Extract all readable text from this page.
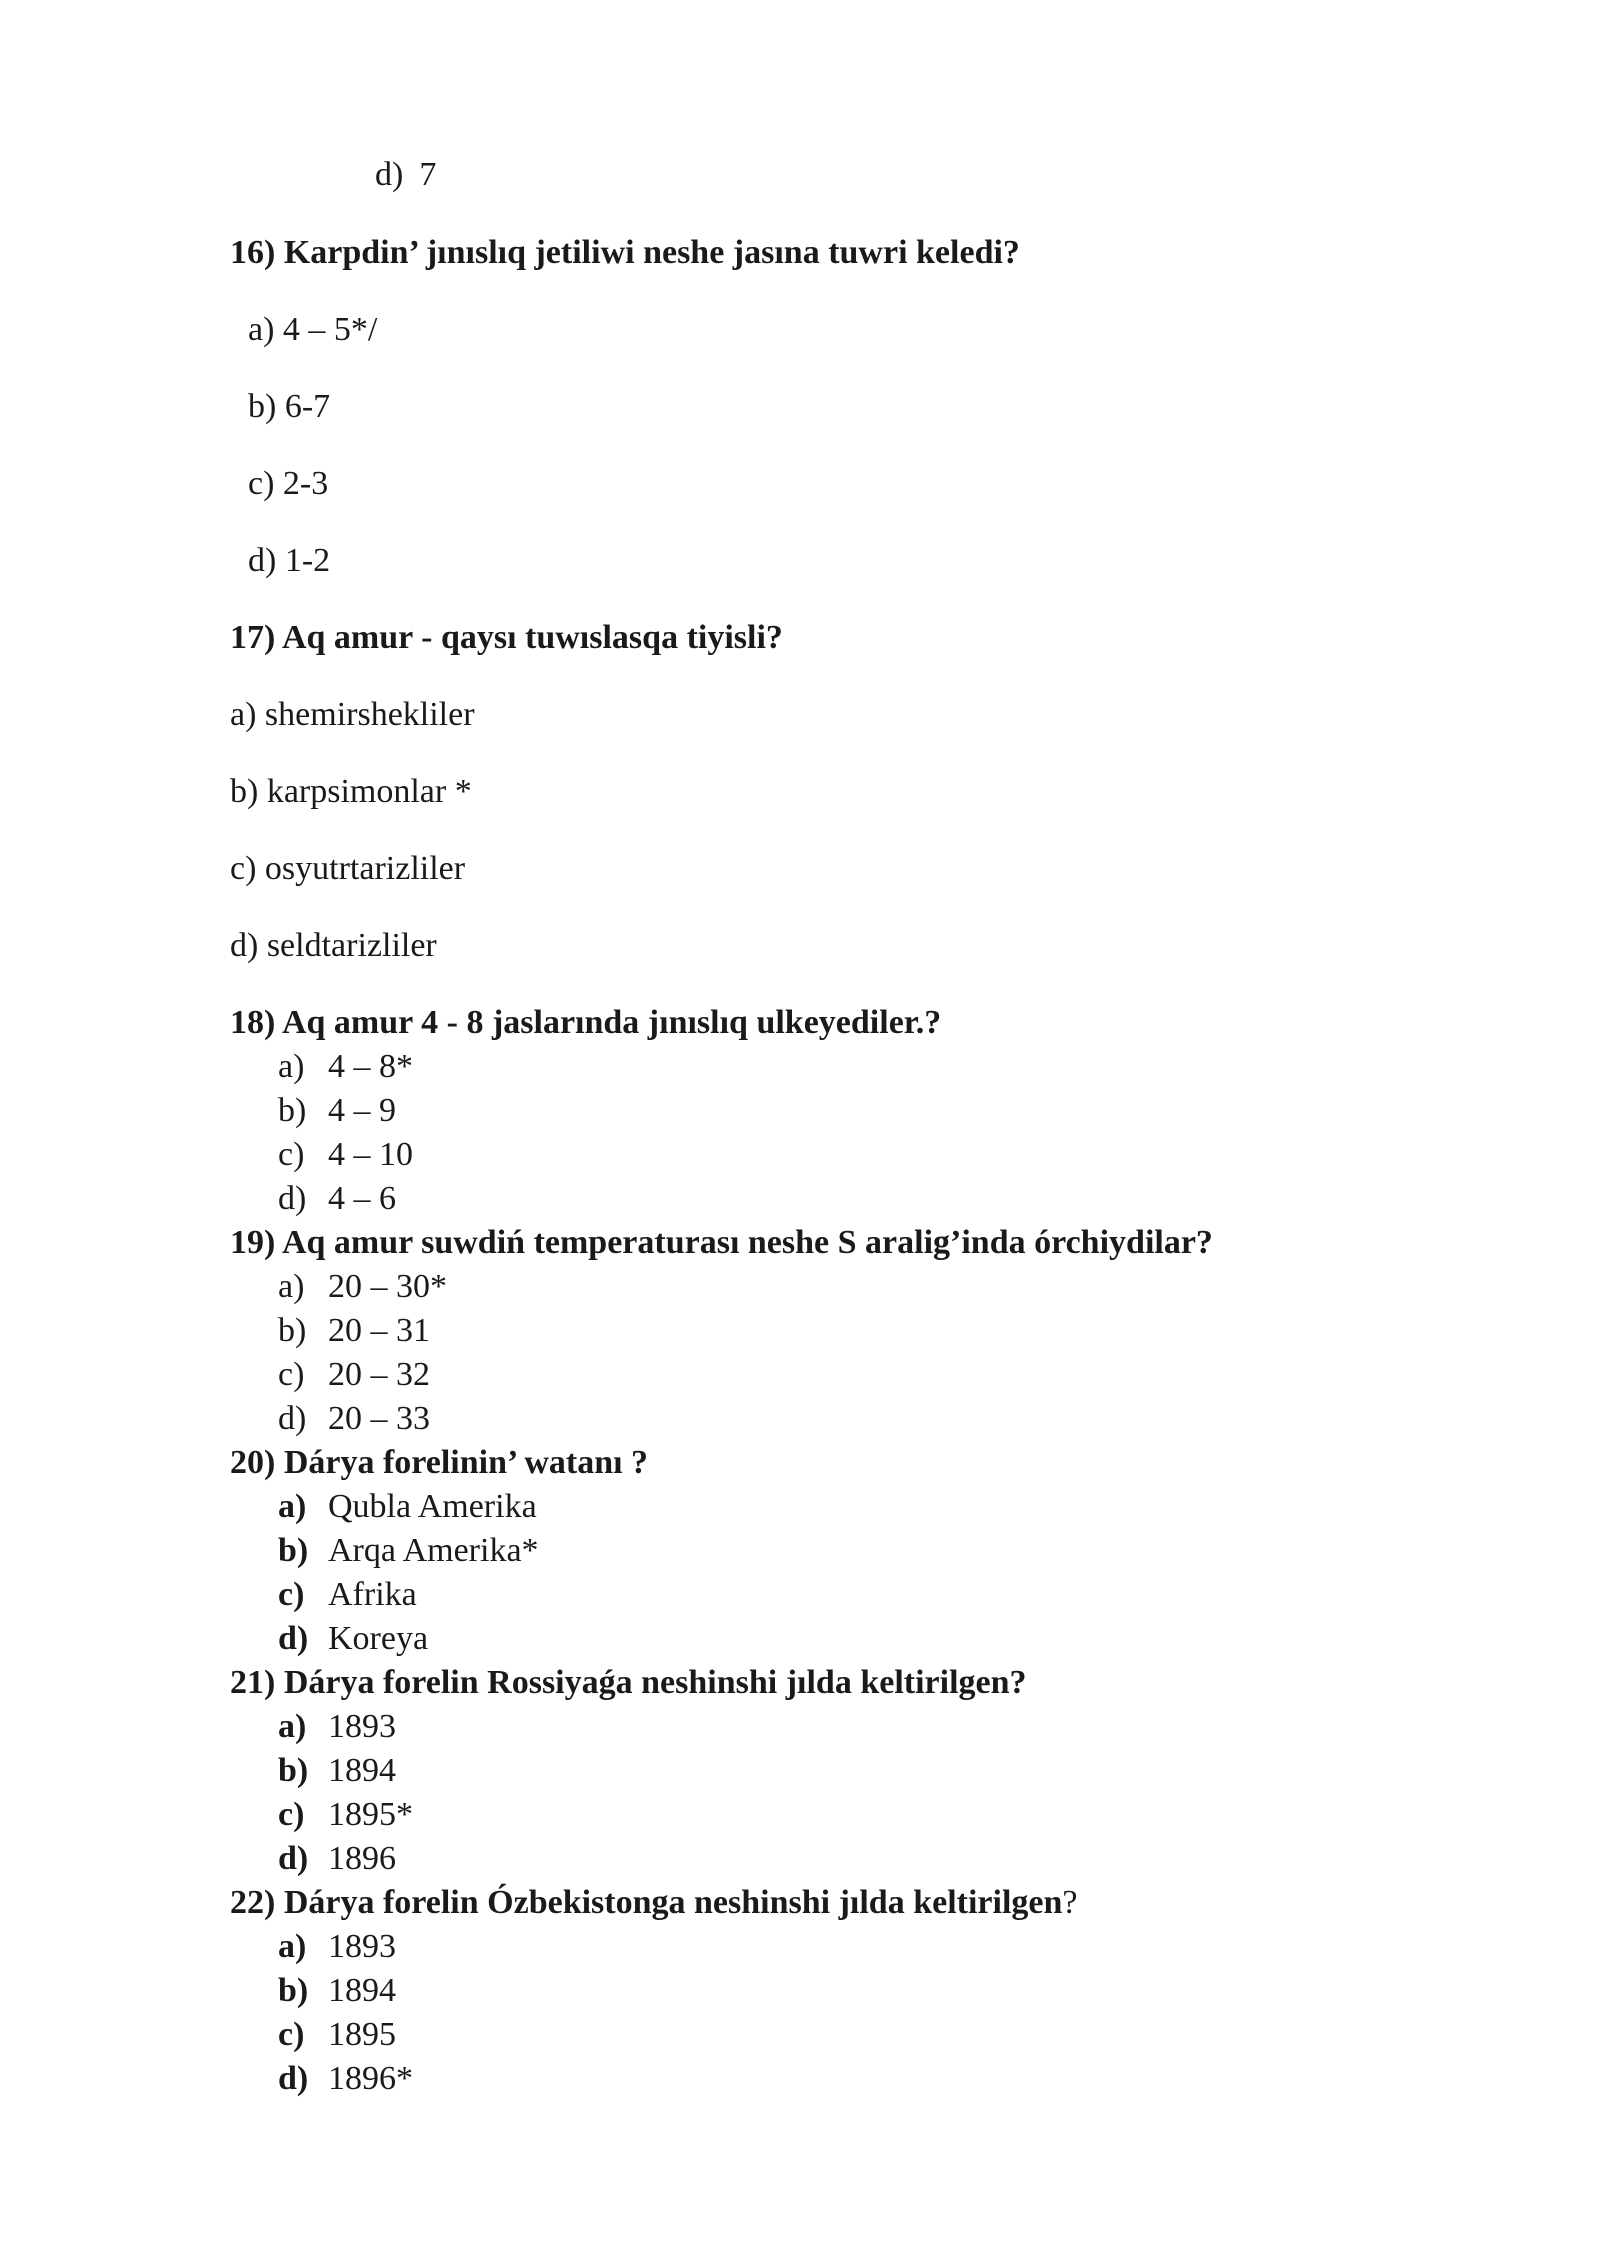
d) 7
16) Karpdin’ jınıslıq jetiliwi neshe jasına tuwri keledi?
a) 4 – 5*/
b) 6-7
c) 2-3
d) 1-2
17) Aq amur - qaysı tuwıslasqa tiyisli?
a) shemirshekliler
b) karpsimonlar *
c) osyutrtarizliler
d) seldtarizliler
18) Aq amur 4 - 8 jaslarında jınıslıq ulkeyediler.?
a) 4 – 8*
b) 4 – 9
c) 4 – 10
d) 4 – 6
19) Aq amur suwdiń temperaturası neshe S aralig’inda órchiydilar?
a) 20 – 30*
b) 20 – 31
c) 20 – 32
d) 20 – 33
20) Dárya forelinin’ watanı ?
a) Qubla Amerika
b) Arqa Amerika*
c) Afrika
d) Koreya
21) Dárya forelin Rossiyaǵa neshinshi jılda keltirilgen?
a) 1893
b) 1894
c) 1895*
d) 1896
22) Dárya forelin Ózbekistonga neshinshi jılda keltirilgen?
a) 1893
b) 1894
c) 1895
d) 1896*
